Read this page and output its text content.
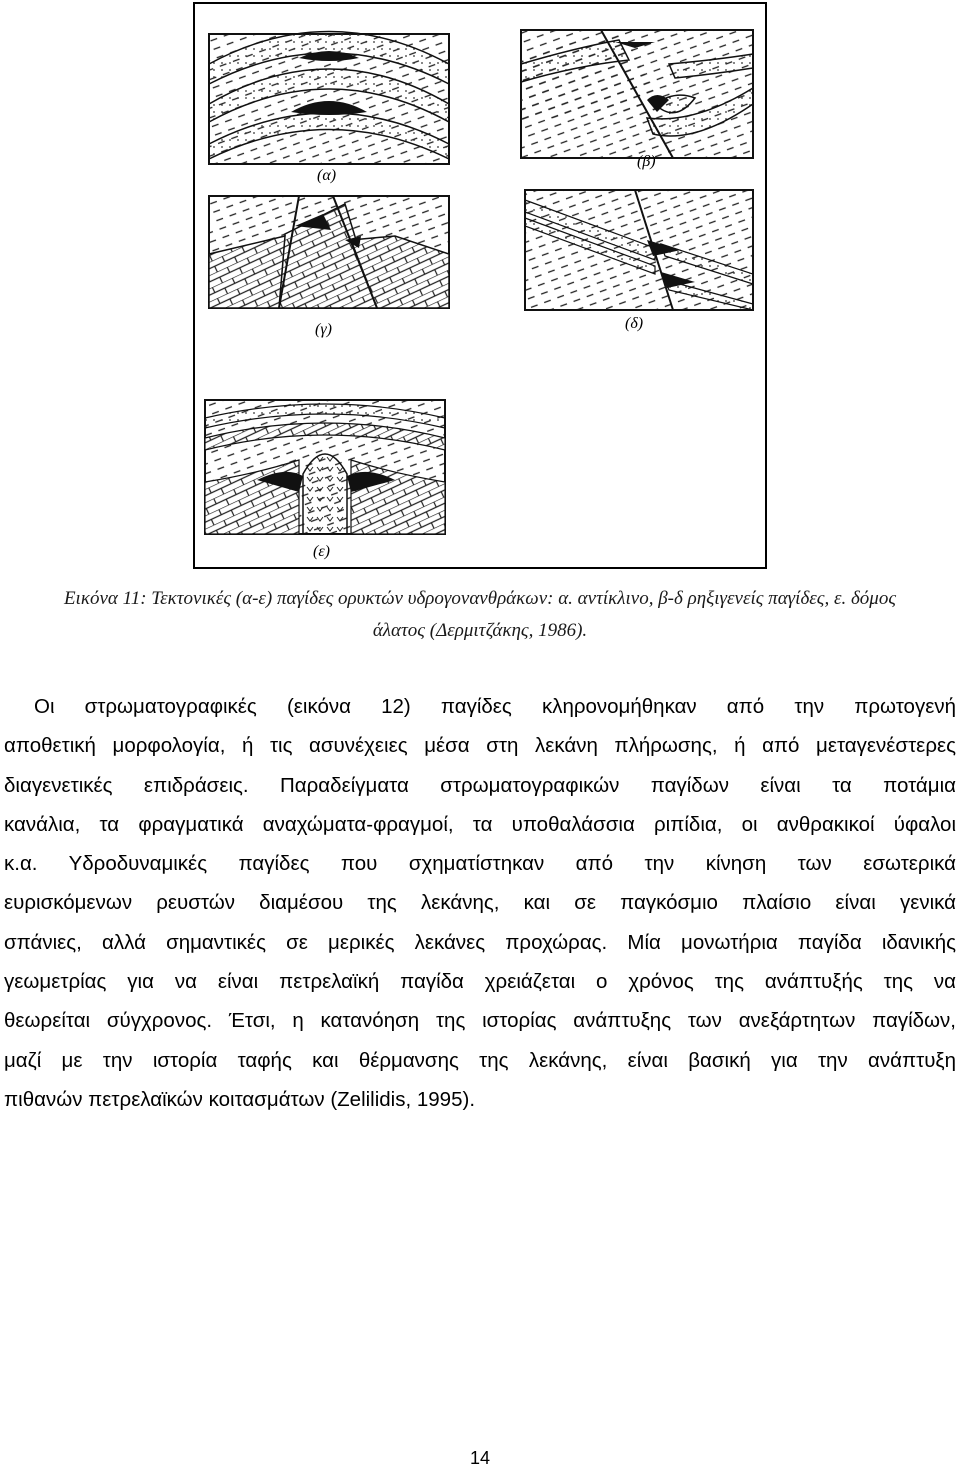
(α)
(β)
(γ)	(δ)
(ε)
Εικόνα 11: Τεκτονικές (α-ε) παγίδες ορυκτών υδρογονανθράκων: α. αντίκλινο, β-δ ρηξιγενείς παγίδες, ε. δόμος
άλατος (Δερμιτζάκης, 1986).
Οι στρωματογραφικές (εικόνα 12) παγίδες κληρονομήθηκαν από την πρωτογενή
αποθετική μορφολογία, ή τις ασυνέχειες μέσα στη λεκάνη πλήρωσης, ή από μεταγενέστερες
διαγενετικές επιδράσεις. Παραδείγματα στρωματογραφικών παγίδων είναι τα ποτάμια
κανάλια, τα φραγματικά αναχώματα-φραγμοί, τα υποθαλάσσια ριπίδια, οι ανθρακικοί ύφαλοι
κ.α. Υδροδυναμικές παγίδες που σχηματίστηκαν από την κίνηση των εσωτερικά
ευρισκόμενων ρευστών διαμέσου της λεκάνης, και σε παγκόσμιο πλαίσιο είναι γενικά
σπάνιες, αλλά σημαντικές σε μερικές λεκάνες προχώρας. Μία μονωτήρια παγίδα ιδανικής
γεωμετρίας για να είναι πετρελαϊκή παγίδα χρειάζεται ο χρόνος της ανάπτυξής της να
θεωρείται σύγχρονος. Έτσι, η κατανόηση της ιστορίας ανάπτυξης των ανεξάρτητων παγίδων,
μαζί με την ιστορία ταφής και θέρμανσης της λεκάνης, είναι βασική για την ανάπτυξη
πιθανών πετρελαϊκών κοιτασμάτων (Zelilidis, 1995).
14
